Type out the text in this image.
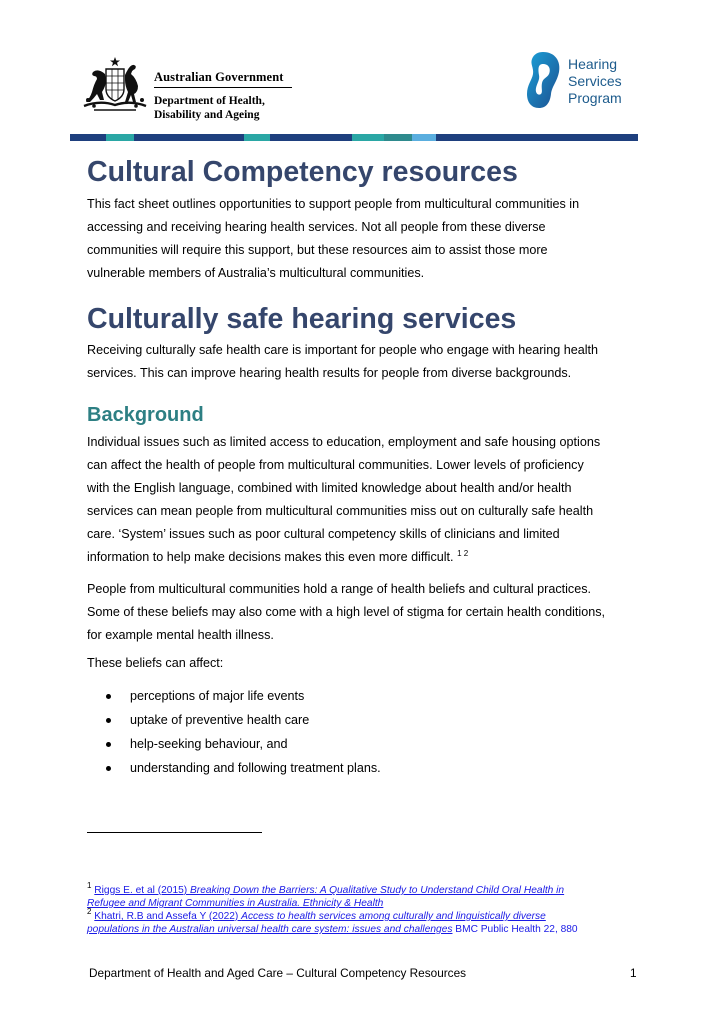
Australian Government
Department of Health,
Disability and Ageing
Hearing
Services
Program
Cultural Competency resources
This fact sheet outlines opportunities to support people from multicultural communities in
accessing and receiving hearing health services. Not all people from these diverse
communities will require this support, but these resources aim to assist those more
vulnerable members of Australia’s multicultural communities.
Culturally safe hearing services
Receiving culturally safe health care is important for people who engage with hearing health
services. This can improve hearing health results for people from diverse backgrounds.
Background
Individual issues such as limited access to education, employment and safe housing options
can affect the health of people from multicultural communities. Lower levels of proficiency
with the English language, combined with limited knowledge about health and/or health
services can mean people from multicultural communities miss out on culturally safe health
care. ‘System’ issues such as poor cultural competency skills of clinicians and limited
information to help make decisions makes this even more difficult. $^{1 2}$
People from multicultural communities hold a range of health beliefs and cultural practices.
Some of these beliefs may also come with a high level of stigma for certain health conditions,
for example mental health illness.
These beliefs can affect:
perceptions of major life events
uptake of preventive health care
help-seeking behaviour, and
understanding and following treatment plans.
$^1$ Riggs E. et al (2015) Breaking Down the Barriers: A Qualitative Study to Understand Child Oral Health in
Refugee and Migrant Communities in Australia. Ethnicity & Health
$^2$ Khatri, R.B and Assefa Y (2022) Access to health services among culturally and linguistically diverse
populations in the Australian universal health care system: issues and challenges BMC Public Health 22, 880
Department of Health and Aged Care – Cultural Competency Resources	1
